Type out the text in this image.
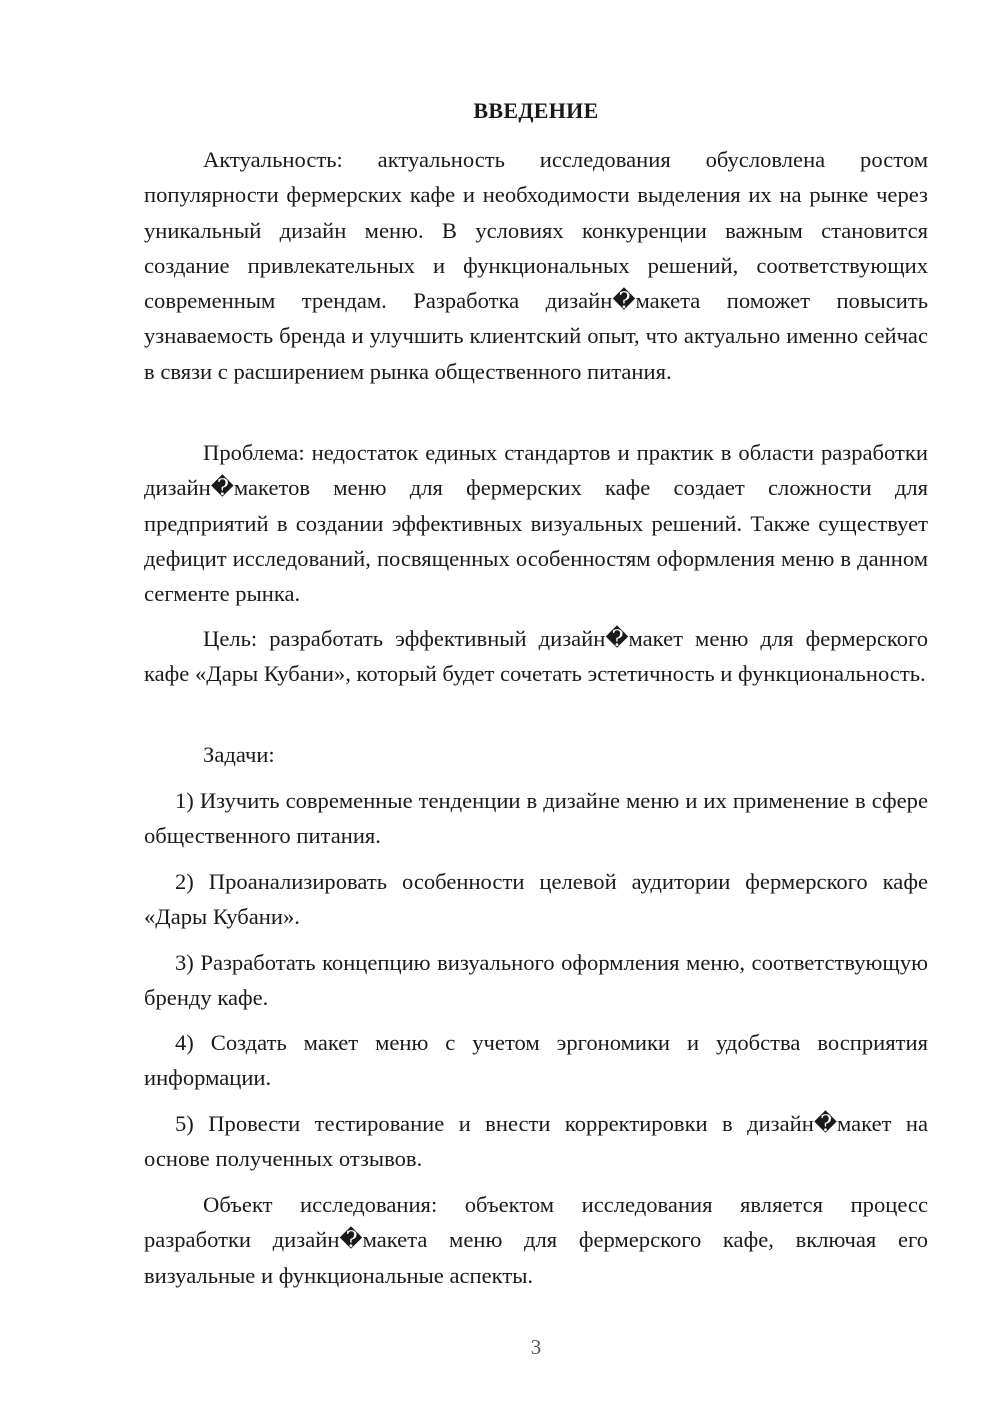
ВВЕДЕНИЕ
Актуальность: актуальность исследования обусловлена ростом популярности фермерских кафе и необходимости выделения их на рынке через уникальный дизайн меню. В условиях конкуренции важным становится создание привлекательных и функциональных решений, соответствующих современным трендам. Разработка дизайн�макета поможет повысить узнаваемость бренда и улучшить клиентский опыт, что актуально именно сейчас в связи с расширением рынка общественного питания.
Проблема: недостаток единых стандартов и практик в области разработки дизайн�макетов меню для фермерских кафе создает сложности для предприятий в создании эффективных визуальных решений. Также существует дефицит исследований, посвященных особенностям оформления меню в данном сегменте рынка.
Цель: разработать эффективный дизайн�макет меню для фермерского кафе «Дары Кубани», который будет сочетать эстетичность и функциональность.
Задачи:
1) Изучить современные тенденции в дизайне меню и их применение в сфере общественного питания.
2) Проанализировать особенности целевой аудитории фермерского кафе «Дары Кубани».
3) Разработать концепцию визуального оформления меню, соответствующую бренду кафе.
4) Создать макет меню с учетом эргономики и удобства восприятия информации.
5) Провести тестирование и внести корректировки в дизайн�макет на основе полученных отзывов.
Объект исследования: объектом исследования является процесс разработки дизайн�макета меню для фермерского кафе, включая его визуальные и функциональные аспекты.
3
